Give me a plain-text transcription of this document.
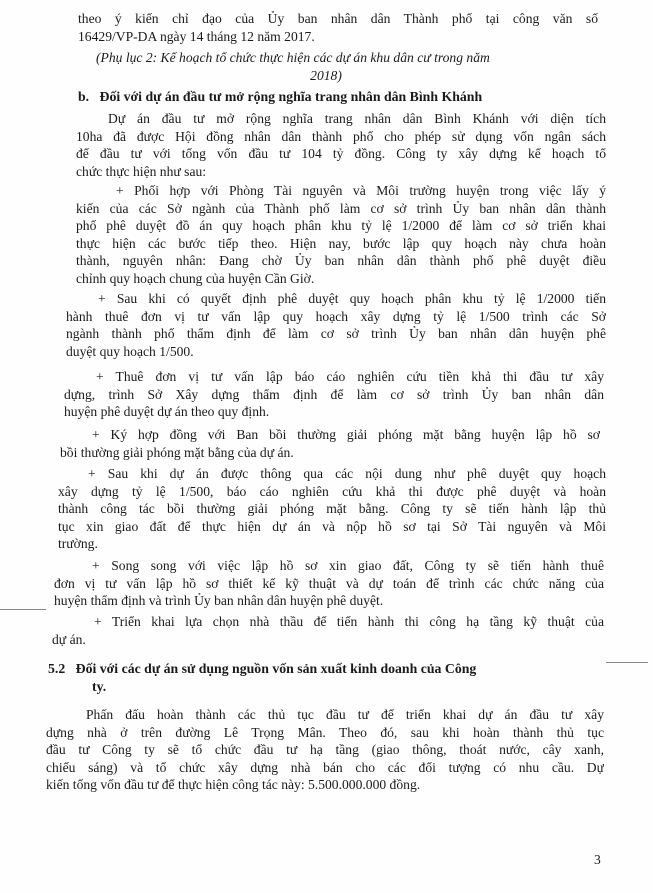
theo ý kiến chỉ đạo của Ủy ban nhân dân Thành phố tại công văn số
16429/VP-DA ngày 14 tháng 12 năm 2017.
(Phụ lục 2: Kế hoạch tổ chức thực hiện các dự án khu dân cư trong năm
2018)
b. Đối với dự án đầu tư mở rộng nghĩa trang nhân dân Bình Khánh
Dự án đầu tư mở rộng nghĩa trang nhân dân Bình Khánh với diện tích
10ha đã được Hội đồng nhân dân thành phố cho phép sử dụng vốn ngân sách
để đầu tư với tổng vốn đầu tư 104 tỷ đồng. Công ty xây dựng kế hoạch tổ
chức thực hiện như sau:
+ Phối hợp với Phòng Tài nguyên và Môi trường huyện trong việc lấy ý
kiến của các Sở ngành của Thành phố làm cơ sở trình Ủy ban nhân dân thành
phố phê duyệt đồ án quy hoạch phân khu tỷ lệ 1/2000 để làm cơ sở triển khai
thực hiện các bước tiếp theo. Hiện nay, bước lập quy hoạch này chưa hoàn
thành, nguyên nhân: Đang chờ Ủy ban nhân dân thành phố phê duyệt điều
chỉnh quy hoạch chung của huyện Cần Giờ.
+ Sau khi có quyết định phê duyệt quy hoạch phân khu tỷ lệ 1/2000 tiến
hành thuê đơn vị tư vấn lập quy hoạch xây dựng tỷ lệ 1/500 trình các Sở
ngành thành phố thẩm định để làm cơ sở trình Ủy ban nhân dân huyện phê
duyệt quy hoạch 1/500.
+ Thuê đơn vị tư vấn lập báo cáo nghiên cứu tiền khả thi đầu tư xây
dựng, trình Sở Xây dựng thẩm định để làm cơ sở trình Ủy ban nhân dân
huyện phê duyệt dự án theo quy định.
+ Ký hợp đồng với Ban bồi thường giải phóng mặt bằng huyện lập hồ sơ
bồi thường giải phóng mặt bằng của dự án.
+ Sau khi dự án được thông qua các nội dung như phê duyệt quy hoạch
xây dựng tỷ lệ 1/500, báo cáo nghiên cứu khả thi được phê duyệt và hoàn
thành công tác bồi thường giải phóng mặt bằng. Công ty sẽ tiến hành lập thủ
tục xin giao đất để thực hiện dự án và nộp hồ sơ tại Sở Tài nguyên và Môi
trường.
+ Song song với việc lập hồ sơ xin giao đất, Công ty sẽ tiến hành thuê
đơn vị tư vấn lập hồ sơ thiết kế kỹ thuật và dự toán để trình các chức năng của
huyện thẩm định và trình Ủy ban nhân dân huyện phê duyệt.
+ Triển khai lựa chọn nhà thầu để tiến hành thi công hạ tầng kỹ thuật của
dự án.
5.2 Đối với các dự án sử dụng nguồn vốn sản xuất kinh doanh của Công
ty.
Phấn đấu hoàn thành các thủ tục đầu tư để triển khai dự án đầu tư xây
dựng nhà ở trên đường Lê Trọng Mân. Theo đó, sau khi hoàn thành thủ tục
đầu tư Công ty sẽ tổ chức đầu tư hạ tầng (giao thông, thoát nước, cây xanh,
chiếu sáng) và tổ chức xây dựng nhà bán cho các đối tượng có nhu cầu. Dự
kiến tổng vốn đầu tư để thực hiện công tác này: 5.500.000.000 đồng.
3
